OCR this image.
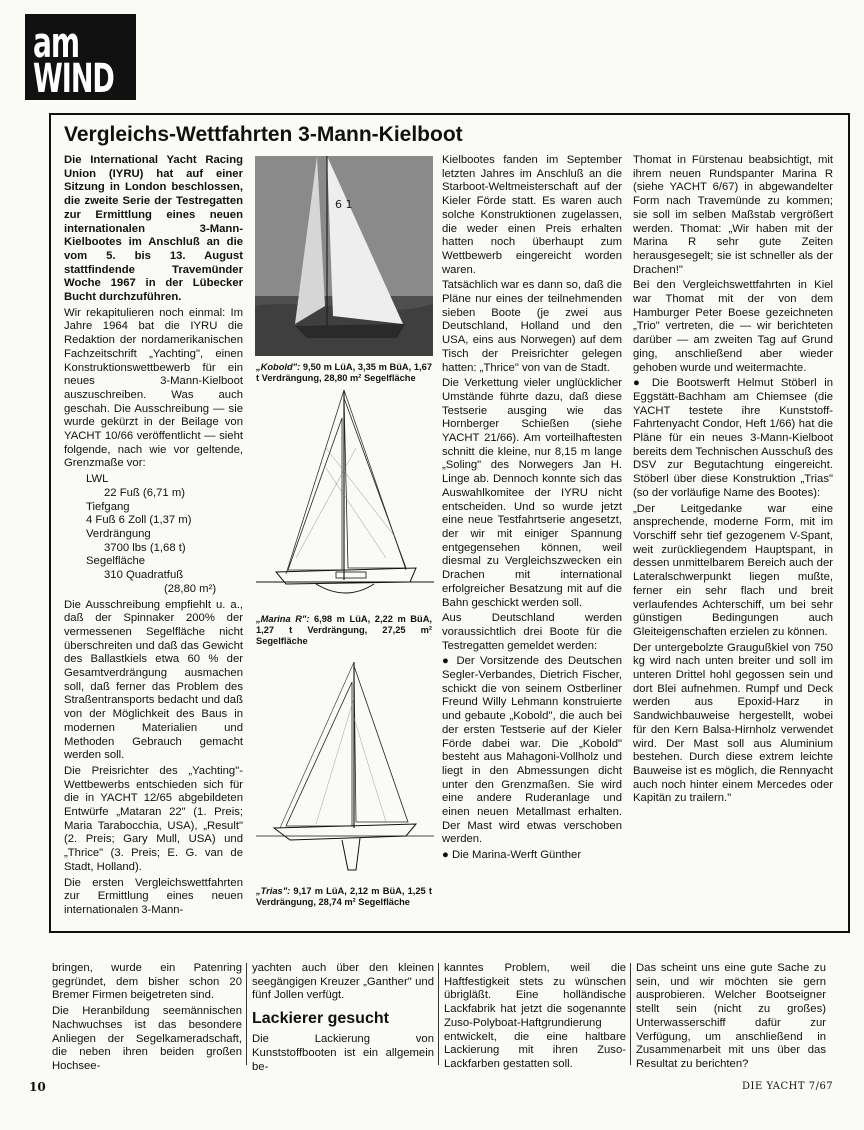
am
WIND
Vergleichs-Wettfahrten 3-Mann-Kielboot

Die International Yacht Racing Union (IYRU) hat auf einer Sitzung in London beschlossen, die zweite Serie der Testregatten zur Ermittlung eines neuen internationalen 3-Mann-Kielbootes im Anschluß an die vom 5. bis 13. August stattfindende Travemünder Woche 1967 in der Lübecker Bucht durchzuführen.

Wir rekapitulieren noch einmal: Im Jahre 1964 bat die IYRU die Redaktion der nordamerikanischen Fachzeitschrift „Yachting", einen Konstruktionswettbewerb für ein neues 3-Mann-Kielboot auszuschreiben. Was auch geschah. Die Ausschreibung — sie wurde gekürzt in der Beilage von YACHT 10/66 veröffentlicht — sieht folgende, nach wie vor geltende, Grenzmaße vor:

LWL
22 Fuß (6,71 m)
Tiefgang
4 Fuß 6 Zoll (1,37 m)
Verdrängung
3700 lbs (1,68 t)
Segelfläche
310 Quadratfuß
(28,80 m²)

Die Ausschreibung empfiehlt u. a., daß der Spinnaker 200% der vermessenen Segelfläche nicht überschreiten und daß das Gewicht des Ballastkiels etwa 60 % der Gesamtverdrängung ausmachen soll, daß ferner das Problem des Straßentransports bedacht und daß von der Möglichkeit des Baus in modernen Materialien und Methoden Gebrauch gemacht werden soll.

Die Preisrichter des „Yachting"-Wettbewerbs entschieden sich für die in YACHT 12/65 abgebildeten Entwürfe „Mataran 22" (1. Preis; Maria Tarabocchia, USA), „Result" (2. Preis; Gary Mull, USA) und „Thrice" (3. Preis; E. G. van de Stadt, Holland).

Die ersten Vergleichswettfahrten zur Ermittlung eines neuen internationalen 3-Mann-

6 1
„Kobold": 9,50 m LüA, 3,35 m BüA, 1,67 t Verdrängung, 28,80 m² Segelfläche
„Marina R": 6,98 m LüA, 2,22 m BüA, 1,27 t Verdrängung, 27,25 m² Segelfläche
„Trias": 9,17 m LüA, 2,12 m BüA, 1,25 t Verdrängung, 28,74 m² Segelfläche

Kielbootes fanden im September letzten Jahres im Anschluß an die Starboot-Weltmeisterschaft auf der Kieler Förde statt. Es waren auch solche Konstruktionen zugelassen, die weder einen Preis erhalten hatten noch überhaupt zum Wettbewerb eingereicht worden waren.

Tatsächlich war es dann so, daß die Pläne nur eines der teilnehmenden sieben Boote (je zwei aus Deutschland, Holland und den USA, eins aus Norwegen) auf dem Tisch der Preisrichter gelegen hatten: „Thrice" von van de Stadt.

Die Verkettung vieler unglücklicher Umstände führte dazu, daß diese Testserie ausging wie das Hornberger Schießen (siehe YACHT 21/66). Am vorteilhaftesten schnitt die kleine, nur 8,15 m lange „Soling" des Norwegers Jan H. Linge ab. Dennoch konnte sich das Auswahlkomitee der IYRU nicht entscheiden. Und so wurde jetzt eine neue Testfahrtserie angesetzt, der wir mit einiger Spannung entgegensehen können, weil diesmal zu Vergleichszwecken ein Drachen mit international erfolgreicher Besatzung mit auf die Bahn geschickt werden soll.

Aus Deutschland werden voraussichtlich drei Boote für die Testregatten gemeldet werden:

● Der Vorsitzende des Deutschen Segler-Verbandes, Dietrich Fischer, schickt die von seinem Ostberliner Freund Willy Lehmann konstruierte und gebaute „Kobold", die auch bei der ersten Testserie auf der Kieler Förde dabei war. Die „Kobold" besteht aus Mahagoni-Vollholz und liegt in den Abmessungen dicht unter den Grenzmaßen. Sie wird eine andere Ruderanlage und einen neuen Metallmast erhalten. Der Mast wird etwas verschoben werden.

● Die Marina-Werft Günther

Thomat in Fürstenau beabsichtigt, mit ihrem neuen Rundspanter Marina R (siehe YACHT 6/67) in abgewandelter Form nach Travemünde zu kommen; sie soll im selben Maßstab vergrößert werden. Thomat: „Wir haben mit der Marina R sehr gute Zeiten herausgesegelt; sie ist schneller als der Drachen!"

Bei den Vergleichswettfahrten in Kiel war Thomat mit der von dem Hamburger Peter Boese gezeichneten „Trio" vertreten, die — wir berichteten darüber — am zweiten Tag auf Grund ging, anschließend aber wieder gehoben wurde und weitermachte.

● Die Bootswerft Helmut Stöberl in Eggstätt-Bachham am Chiemsee (die YACHT testete ihre Kunststoff-Fahrtenyacht Condor, Heft 1/66) hat die Pläne für ein neues 3-Mann-Kielboot bereits dem Technischen Ausschuß des DSV zur Begutachtung eingereicht. Stöberl über diese Konstruktion „Trias" (so der vorläufige Name des Bootes):

„Der Leitgedanke war eine ansprechende, moderne Form, mit im Vorschiff sehr tief gezogenem V-Spant, weit zurückliegendem Hauptspant, in dessen unmittelbarem Bereich auch der Lateralschwerpunkt liegen mußte, ferner ein sehr flach und breit verlaufendes Achterschiff, um bei sehr günstigen Bedingungen auch Gleiteigenschaften erzielen zu können.

Der untergebolzte Graugußkiel von 750 kg wird nach unten breiter und soll im unteren Drittel hohl gegossen sein und dort Blei aufnehmen. Rumpf und Deck werden aus Epoxid-Harz in Sandwichbauweise hergestellt, wobei für den Kern Balsa-Hirnholz verwendet wird. Der Mast soll aus Aluminium bestehen. Durch diese extrem leichte Bauweise ist es möglich, die Rennyacht auch noch hinter einem Mercedes oder Kapitän zu trailern."

bringen, wurde ein Patenring gegründet, dem bisher schon 20 Bremer Firmen beigetreten sind.

Die Heranbildung seemännischen Nachwuchses ist das besondere Anliegen der Segelkameradschaft, die neben ihren beiden großen Hochsee-

yachten auch über den kleinen seegängigen Kreuzer „Ganther" und fünf Jollen verfügt.

Lackierer gesucht

Die Lackierung von Kunststoffbooten ist ein allgemein be-

kanntes Problem, weil die Haftfestigkeit stets zu wünschen übrigläßt. Eine holländische Lackfabrik hat jetzt die sogenannte Zuso-Polyboat-Haftgrundierung entwickelt, die eine haltbare Lackierung mit ihren Zuso-Lackfarben gestatten soll.

Das scheint uns eine gute Sache zu sein, und wir möchten sie gern ausprobieren. Welcher Bootseigner stellt sein (nicht zu großes) Unterwasserschiff dafür zur Verfügung, um anschließend in Zusammenarbeit mit uns über das Resultat zu berichten?

10	DIE YACHT 7/67
